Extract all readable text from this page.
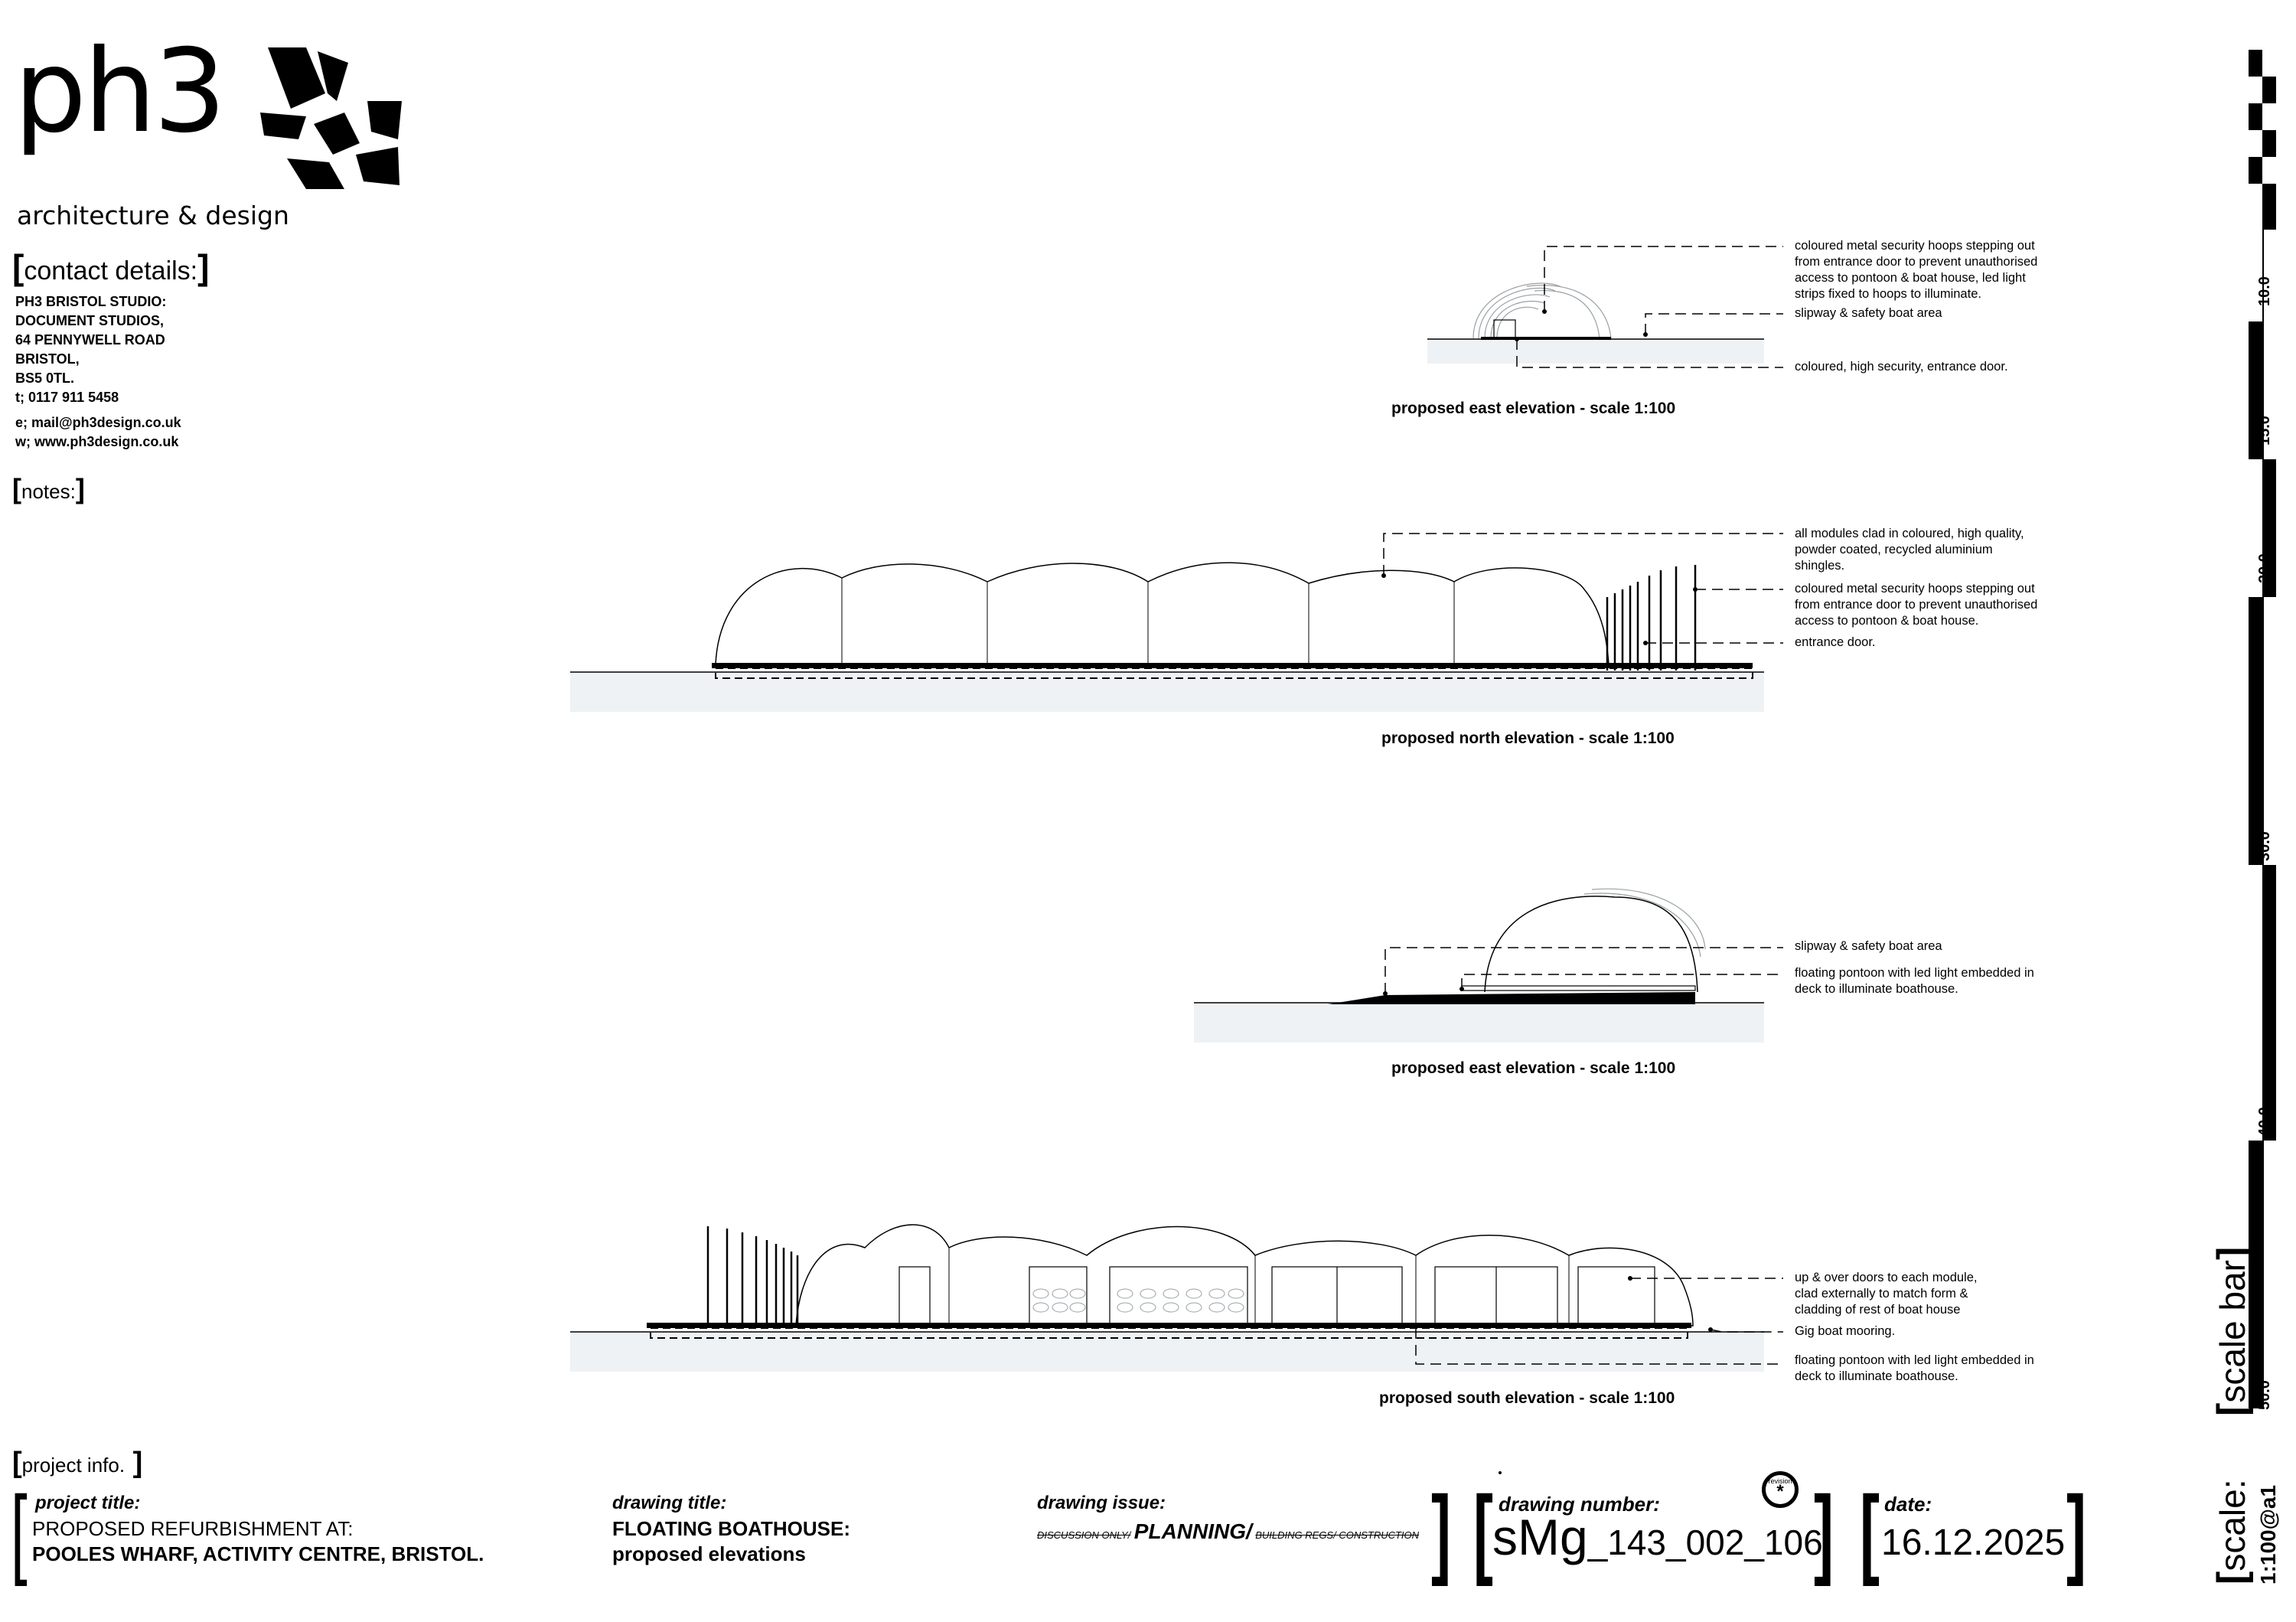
ph3
architecture & design
[contact details:]
PH3 BRISTOL STUDIO:
DOCUMENT STUDIOS,
64 PENNYWELL ROAD
BRISTOL,
BS5 0TL.
t; 0117 911 5458
e; mail@ph3design.co.uk
w; www.ph3design.co.uk
[notes:]
coloured metal security hoops stepping out
from entrance door to prevent unauthorised
access to pontoon & boat house, led light
strips fixed to hoops to illuminate.
slipway & safety boat area
coloured, high security, entrance door.
proposed east elevation - scale 1:100
all modules clad in coloured, high quality,
powder coated, recycled aluminium
shingles.
coloured metal security hoops stepping out
from entrance door to prevent unauthorised
access to pontoon & boat house.
entrance door.
proposed north elevation - scale 1:100
slipway & safety boat area
floating pontoon with led light embedded in
deck to illuminate boathouse.
proposed east elevation - scale 1:100
up & over doors to each module,
clad externally to match form &
cladding of rest of boat house
Gig boat mooring.
floating pontoon with led light embedded in
deck to illuminate boathouse.
proposed south elevation - scale 1:100
10.0
15.0
20.0
30.0
40.0
50.0
[scale bar]
[scale: 1:100@a1
[project info. ]
[ project title:
PROPOSED REFURBISHMENT AT:
POOLES WHARF, ACTIVITY CENTRE, BRISTOL.
drawing title:
FLOATING BOATHOUSE:
proposed elevations
drawing issue:
DISCUSSION ONLY/ PLANNING/ BUILDING REGS/ CONSTRUCTION ] [ drawing number:
sMg_143_002_106
revision
* ] [ date:
16.12.2025 ]
